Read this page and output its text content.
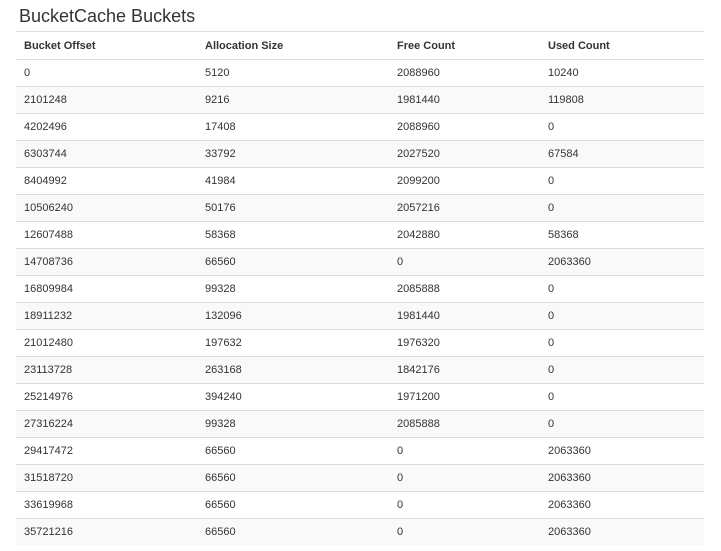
BucketCache Buckets
Bucket Offset	Allocation Size	Free Count	Used Count
0	5120	2088960	10240
2101248	9216	1981440	119808
4202496	17408	2088960	0
6303744	33792	2027520	67584
8404992	41984	2099200	0
10506240	50176	2057216	0
12607488	58368	2042880	58368
14708736	66560	0	2063360
16809984	99328	2085888	0
18911232	132096	1981440	0
21012480	197632	1976320	0
23113728	263168	1842176	0
25214976	394240	1971200	0
27316224	99328	2085888	0
29417472	66560	0	2063360
31518720	66560	0	2063360
33619968	66560	0	2063360
35721216	66560	0	2063360
